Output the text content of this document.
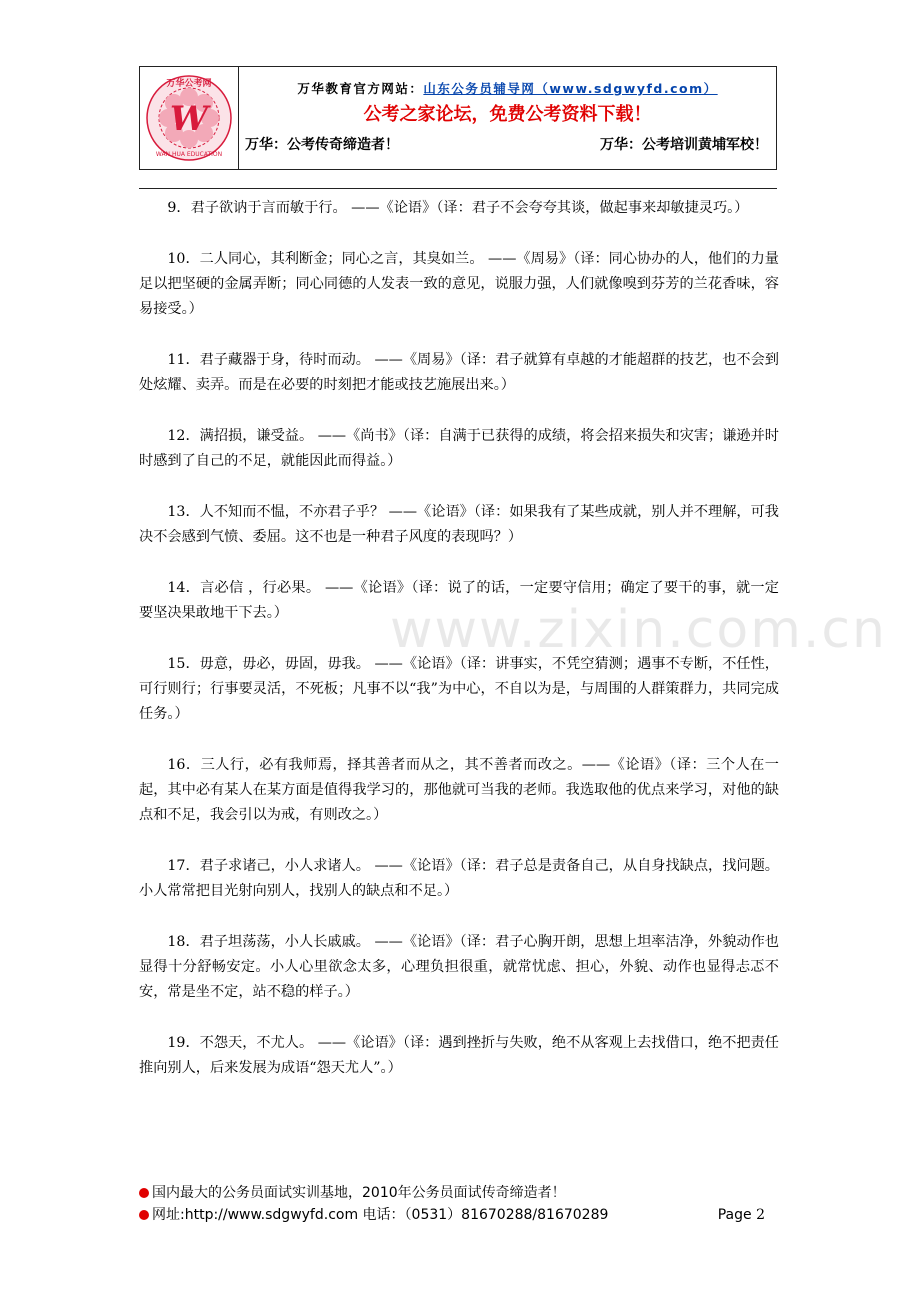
万华公考网
W
WAN HUA EDUCATION
万华教育官方网站：山东公务员辅导网（www.sdgwyfd.com）
公考之家论坛，免费公考资料下载！
万华：公考传奇缔造者！	万华：公考培训黄埔军校！
www.zixin.com.cn

9．君子欲讷于言而敏于行。 ——《论语》（译：君子不会夸夸其谈，做起事来却敏捷灵巧。）

10．二人同心，其利断金；同心之言，其臭如兰。 ——《周易》（译：同心协办的人，他们的力量足以把坚硬的金属弄断；同心同德的人发表一致的意见，说服力强，人们就像嗅到芬芳的兰花香味，容易接受。）

11．君子藏器于身，待时而动。 ——《周易》（译：君子就算有卓越的才能超群的技艺，也不会到处炫耀、卖弄。而是在必要的时刻把才能或技艺施展出来。）

12．满招损，谦受益。 ——《尚书》（译：自满于已获得的成绩，将会招来损失和灾害；谦逊并时时感到了自己的不足，就能因此而得益。）

13．人不知而不愠，不亦君子乎？ ——《论语》（译：如果我有了某些成就，别人并不理解，可我决不会感到气愤、委屈。这不也是一种君子风度的表现吗？）

14．言必信 ，行必果。 ——《论语》（译：说了的话，一定要守信用；确定了要干的事，就一定要坚决果敢地干下去。）

15．毋意，毋必，毋固，毋我。 ——《论语》（译：讲事实，不凭空猜测；遇事不专断，不任性，可行则行；行事要灵活，不死板；凡事不以“我”为中心，不自以为是，与周围的人群策群力，共同完成任务。）

16．三人行，必有我师焉，择其善者而从之，其不善者而改之。——《论语》（译：三个人在一起，其中必有某人在某方面是值得我学习的，那他就可当我的老师。我选取他的优点来学习，对他的缺点和不足，我会引以为戒，有则改之。）

17．君子求诸己，小人求诸人。 ——《论语》（译：君子总是责备自己，从自身找缺点，找问题。小人常常把目光射向别人，找别人的缺点和不足。）

18．君子坦荡荡，小人长戚戚。 ——《论语》（译：君子心胸开朗，思想上坦率洁净，外貌动作也显得十分舒畅安定。小人心里欲念太多，心理负担很重，就常忧虑、担心，外貌、动作也显得忐忑不安，常是坐不定，站不稳的样子。）

19．不怨天，不尤人。 ——《论语》（译：遇到挫折与失败，绝不从客观上去找借口，绝不把责任推向别人，后来发展为成语“怨天尤人”。）

国内最大的公务员面试实训基地，2010年公务员面试传奇缔造者！
网址:http://www.sdgwyfd.com 电话：（0531）81670288/81670289	Page 2
